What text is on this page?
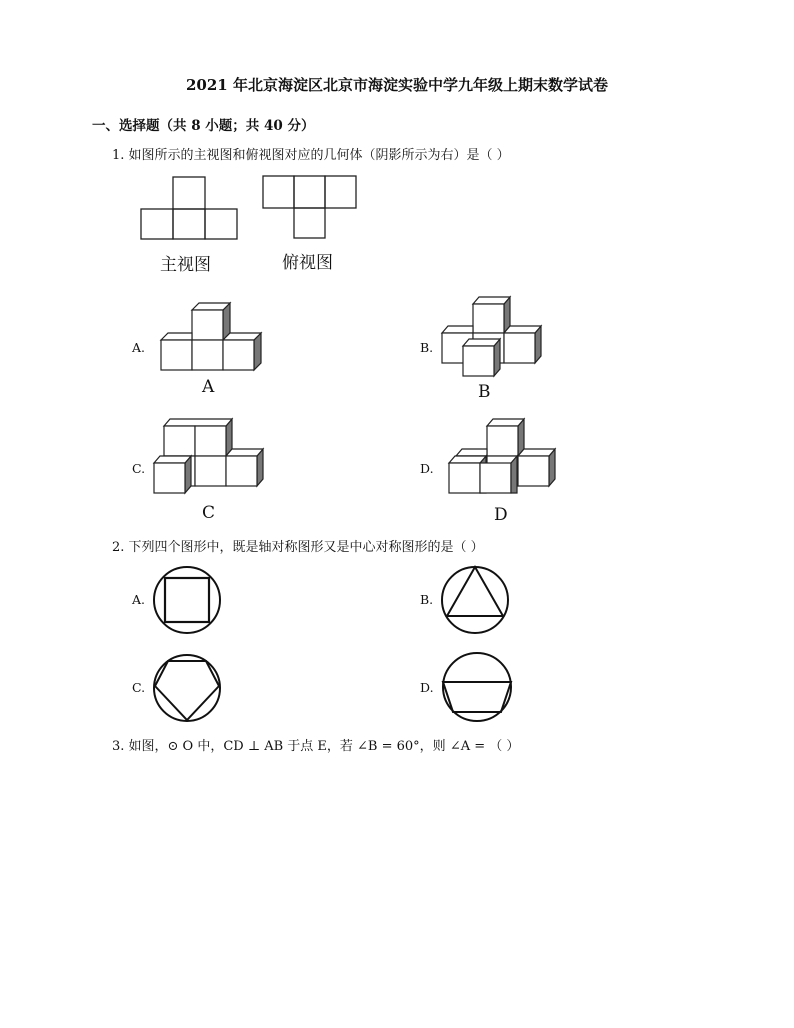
2021 年北京海淀区北京市海淀实验中学九年级上期末数学试卷
一、选择题（共 8 小题；共 40 分）
1. 如图所示的主视图和俯视图对应的几何体（阴影所示为右）是（ ）
主视图	俯视图
A.
A
B.
B
C.
C
D.
D
2. 下列四个图形中，既是轴对称图形又是中心对称图形的是（ ）
A.	B.
C.	D.
3. 如图，⊙ O 中，CD ⊥ AB 于点 E，若 ∠B = 60°，则 ∠A = （ ）
